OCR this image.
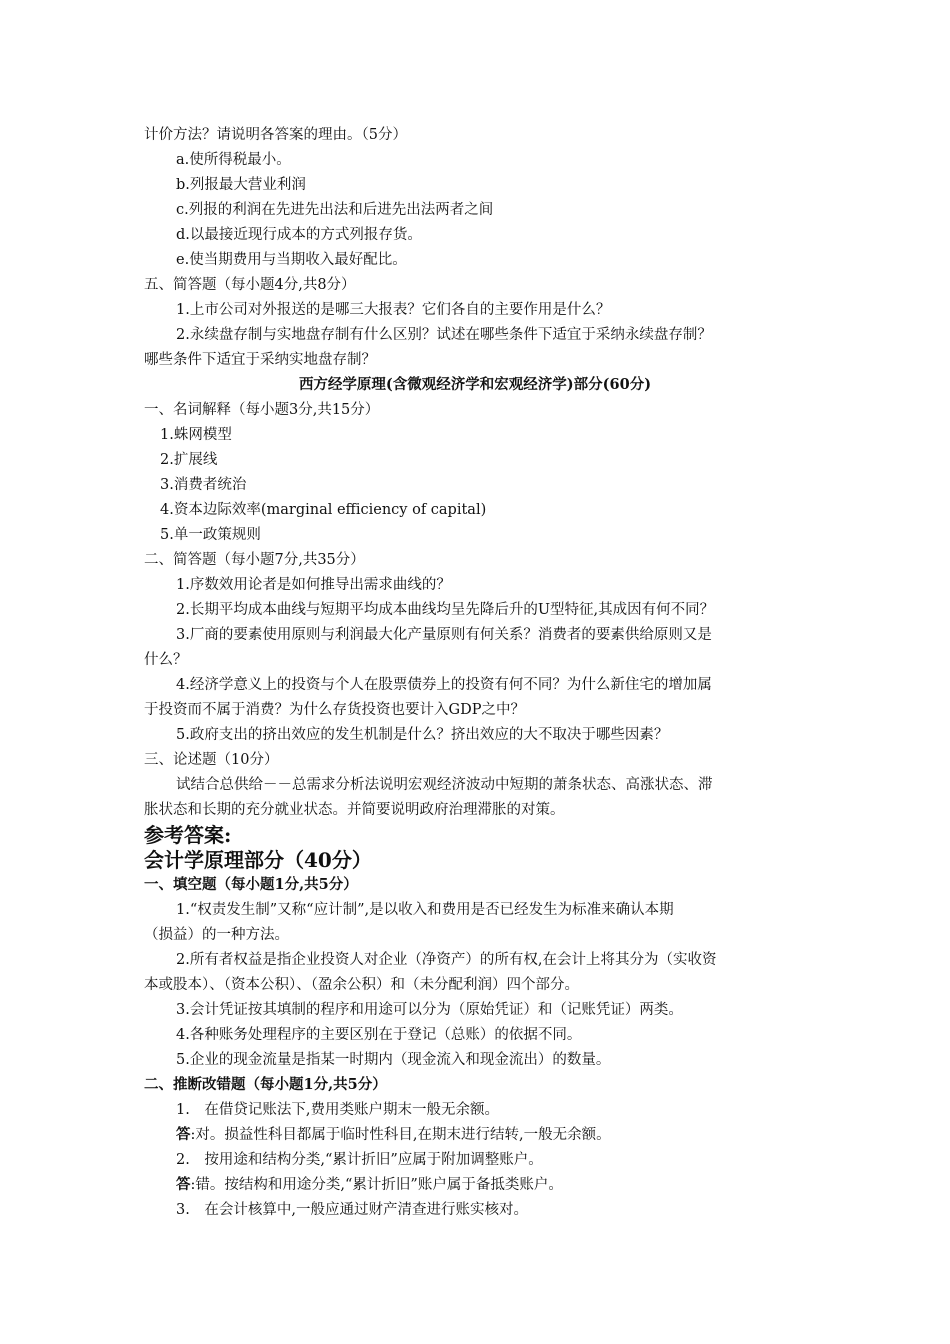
计价方法？请说明各答案的理由。（5分）
a.使所得税最小。
b.列报最大营业利润
c.列报的利润在先进先出法和后进先出法两者之间
d.以最接近现行成本的方式列报存货。
e.使当期费用与当期收入最好配比。
五、简答题（每小题4分,共8分）
1.上市公司对外报送的是哪三大报表？它们各自的主要作用是什么？
2.永续盘存制与实地盘存制有什么区别？试述在哪些条件下适宜于采纳永续盘存制？
哪些条件下适宜于采纳实地盘存制？
西方经学原理(含微观经济学和宏观经济学)部分(60分)
一、名词解释（每小题3分,共15分）
1.蛛网模型
2.扩展线
3.消费者统治
4.资本边际效率(marginal efficiency of capital)
5.单一政策规则
二、简答题（每小题7分,共35分）
1.序数效用论者是如何推导出需求曲线的？
2.长期平均成本曲线与短期平均成本曲线均呈先降后升的U型特征,其成因有何不同？
3.厂商的要素使用原则与利润最大化产量原则有何关系？消费者的要素供给原则又是
什么？
4.经济学意义上的投资与个人在股票债券上的投资有何不同？为什么新住宅的增加属
于投资而不属于消费？为什么存货投资也要计入GDP之中？
5.政府支出的挤出效应的发生机制是什么？挤出效应的大不取决于哪些因素？
三、论述题（10分）
试结合总供给－－总需求分析法说明宏观经济波动中短期的萧条状态、高涨状态、滞
胀状态和长期的充分就业状态。并简要说明政府治理滞胀的对策。
参考答案:
会计学原理部分（40分）
一、填空题（每小题1分,共5分）
1.“权责发生制”又称“应计制”,是以收入和费用是否已经发生为标准来确认本期
（损益）的一种方法。
2.所有者权益是指企业投资人对企业（净资产）的所有权,在会计上将其分为（实收资
本或股本）、（资本公积）、（盈余公积）和（未分配利润）四个部分。
3.会计凭证按其填制的程序和用途可以分为（原始凭证）和（记账凭证）两类。
4.各种账务处理程序的主要区别在于登记（总账）的依据不同。
5.企业的现金流量是指某一时期内（现金流入和现金流出）的数量。
二、推断改错题（每小题1分,共5分）
1.　在借贷记账法下,费用类账户期末一般无余额。
答:对。损益性科目都属于临时性科目,在期末进行结转,一般无余额。
2.　按用途和结构分类,“累计折旧”应属于附加调整账户。
答:错。按结构和用途分类,“累计折旧”账户属于备抵类账户。
3.　在会计核算中,一般应通过财产清查进行账实核对。
